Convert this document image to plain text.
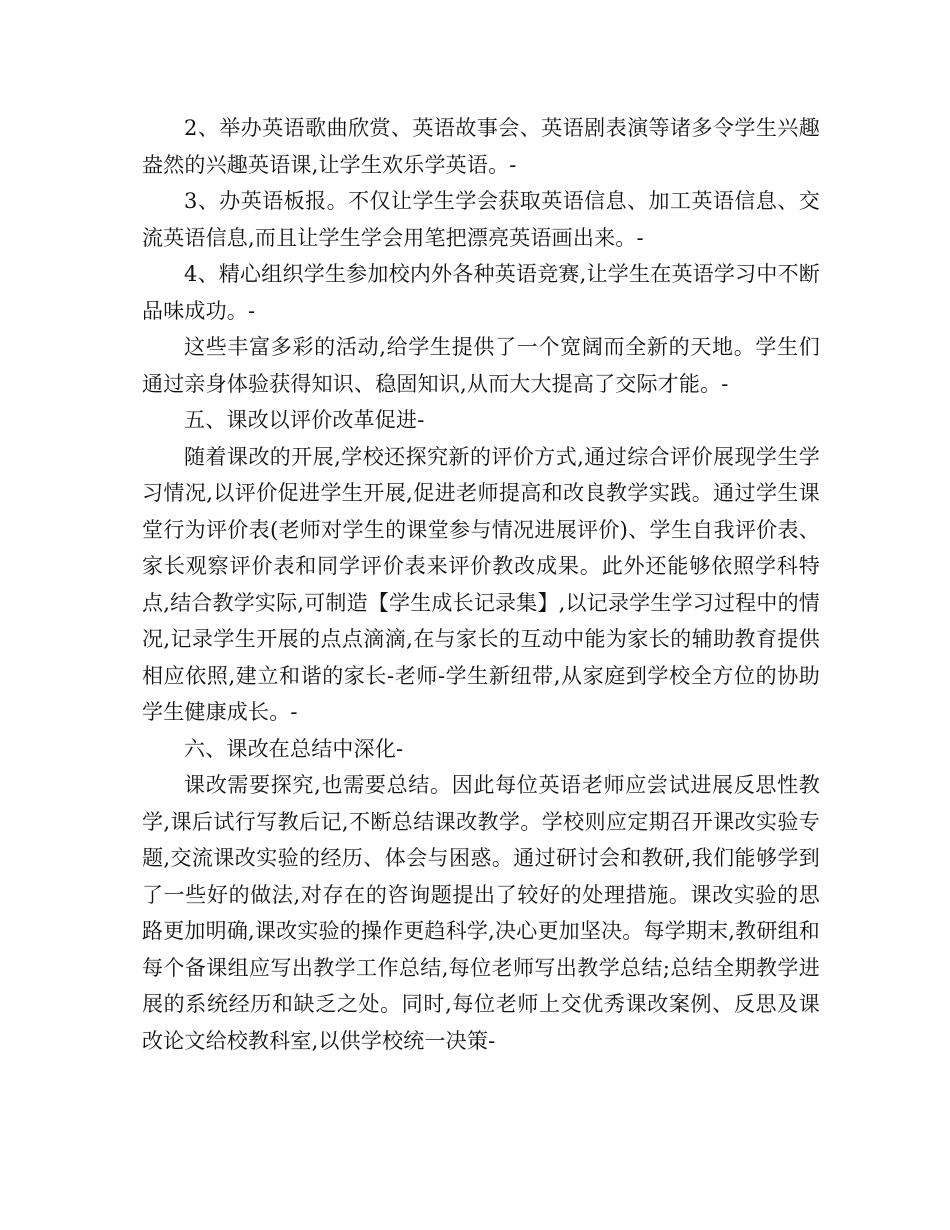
2、举办英语歌曲欣赏、英语故事会、英语剧表演等诸多令学生兴趣盎然的兴趣英语课,让学生欢乐学英语。-

3、办英语板报。不仅让学生学会获取英语信息、加工英语信息、交流英语信息,而且让学生学会用笔把漂亮英语画出来。-

4、精心组织学生参加校内外各种英语竞赛,让学生在英语学习中不断品味成功。-

这些丰富多彩的活动,给学生提供了一个宽阔而全新的天地。学生们通过亲身体验获得知识、稳固知识,从而大大提高了交际才能。-

五、课改以评价改革促进-

随着课改的开展,学校还探究新的评价方式,通过综合评价展现学生学习情况,以评价促进学生开展,促进老师提高和改良教学实践。通过学生课堂行为评价表(老师对学生的课堂参与情况进展评价)、学生自我评价表、家长观察评价表和同学评价表来评价教改成果。此外还能够依照学科特点,结合教学实际,可制造【学生成长记录集】,以记录学生学习过程中的情况,记录学生开展的点点滴滴,在与家长的互动中能为家长的辅助教育提供相应依照,建立和谐的家长-老师-学生新纽带,从家庭到学校全方位的协助学生健康成长。-

六、课改在总结中深化-

课改需要探究,也需要总结。因此每位英语老师应尝试进展反思性教学,课后试行写教后记,不断总结课改教学。学校则应定期召开课改实验专题,交流课改实验的经历、体会与困惑。通过研讨会和教研,我们能够学到了一些好的做法,对存在的咨询题提出了较好的处理措施。课改实验的思路更加明确,课改实验的操作更趋科学,决心更加坚决。每学期末,教研组和每个备课组应写出教学工作总结,每位老师写出教学总结;总结全期教学进展的系统经历和缺乏之处。同时,每位老师上交优秀课改案例、反思及课改论文给校教科室,以供学校统一决策-
